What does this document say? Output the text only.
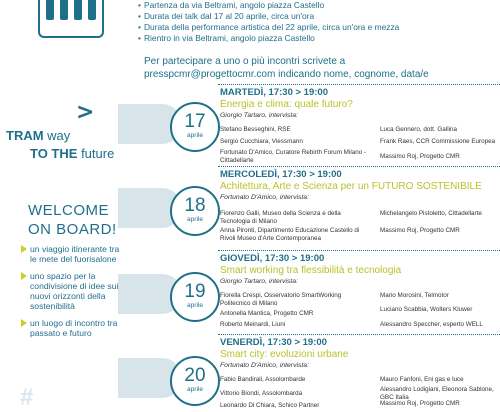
>
TRAM way
TO THE future
WELCOME
ON BOARD!
un viaggio itinerante tra le mete del fuorisalone
uno spazio per la condivisione di idee sui nuovi orizzonti della sostenibilità
un luogo di incontro tra passato e futuro
#
• Partenza da via Beltrami, angolo piazza Castello
• Durata dei talk dal 17 al 20 aprile, circa un'ora
• Durata della performance artistica del 22 aprile, circa un'ora e mezza
• Rientro in via Beltrami, angolo piazza Castello
Per partecipare a uno o più incontri scrivete a
presspcmr@progettocmr.com indicando nome, cognome, data/e
17
aprile
MARTEDÌ, 17:30 > 19:00
Energia e clima: quale futuro?
Giorgio Tartaro, intervista:
Stefano Besseghini, RSE
Sergio Cucchiara, Viessmann
Fortunato D'Amico, Curatore Rebirth Forum Milano - Cittadellarte
Luca Gennero, dott. Gallina
Frank Raes, CCR Commissione Europea
Massimo Roj, Progetto CMR
18
aprile
MERCOLEDÌ, 17:30 > 19:00
Achitettura, Arte e Scienza per un FUTURO SOSTENIBILE
Fortunato D'Amico, intervista:
Fiorenzo Galli, Museo della Scienza e della Tecnologia di Milano
Anna Pironti, Dipartimento Educazione Castello di Rivoli Museo d'Arte Contemporanea
Michelangelo Pistoletto, Cittadellarte
Massimo Roj, Progetto CMR
19
aprile
GIOVEDÌ, 17:30 > 19:00
Smart working tra flessibilità e tecnologia
Giorgio Tartaro, intervista:
Fiorella Crespi, Osservatorio SmartWorking Politecnico di Milano
Antonella Mantica, Progetto CMR
Roberto Meinardi, Liuni
Mario Morosini, Telmotor
Luciano Scabbia, Wolters Kluwer
Alessandro Speccher, esperto WELL
20
aprile
VENERDÌ, 17:30 > 19:00
Smart city: evoluzioni urbane
Fortunato D'Amico, intervista:
Fabio Bandirali, Assolombarde
Vittorio Biondi, Assolombarda
Leonardo Di Chiara, Schico Partner
Mauro Fanfoni, Eni gas e luce
Alessandro Lodigiani, Eleonora Sablone, GBC Italia
Massimo Roj, Progetto CMR
